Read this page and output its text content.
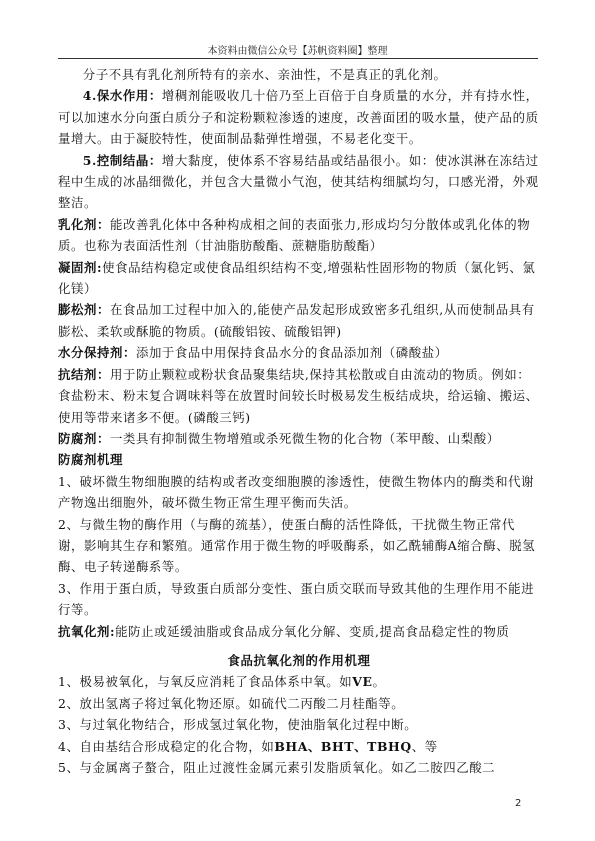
本资料由微信公众号【苏帆资料圈】整理

分子不具有乳化剂所特有的亲水、亲油性，不是真正的乳化剂。

4.保水作用：增稠剂能吸收几十倍乃至上百倍于自身质量的水分，并有持水性，可以加速水分向蛋白质分子和淀粉颗粒渗透的速度，改善面团的吸水量，使产品的质量增大。由于凝胶特性，使面制品黏弹性增强，不易老化变干。

5.控制结晶：增大黏度，使体系不容易结晶或结晶很小。如：使冰淇淋在冻结过程中生成的冰晶细微化，并包含大量微小气泡，使其结构细腻均匀，口感光滑，外观整洁。

乳化剂：能改善乳化体中各种构成相之间的表面张力,形成均匀分散体或乳化体的物质。也称为表面活性剂（甘油脂肪酸酯、蔗糖脂肪酸酯）

凝固剂:使食品结构稳定或使食品组织结构不变,增强粘性固形物的物质（氯化钙、氯化镁）

膨松剂：在食品加工过程中加入的,能使产品发起形成致密多孔组织,从而使制品具有膨松、柔软或酥脆的物质。(硫酸铝铵、硫酸铝钾)

水分保持剂：添加于食品中用保持食品水分的食品添加剂（磷酸盐）

抗结剂：用于防止颗粒或粉状食品聚集结块,保持其松散或自由流动的物质。例如：食盐粉末、粉末复合调味料等在放置时间较长时极易发生板结成块，给运输、搬运、使用等带来诸多不便。(磷酸三钙)

防腐剂：一类具有抑制微生物增殖或杀死微生物的化合物（苯甲酸、山梨酸）

防腐剂机理

1、破坏微生物细胞膜的结构或者改变细胞膜的渗透性，使微生物体内的酶类和代谢产物逸出细胞外，破坏微生物正常生理平衡而失活。

2、与微生物的酶作用（与酶的巯基），使蛋白酶的活性降低，干扰微生物正常代谢，影响其生存和繁殖。通常作用于微生物的呼吸酶系，如乙酰辅酶A缩合酶、脱氢酶、电子转递酶系等。

3、作用于蛋白质，导致蛋白质部分变性、蛋白质交联而导致其他的生理作用不能进行等。

抗氧化剂:能防止或延缓油脂或食品成分氧化分解、变质,提高食品稳定性的物质

食品抗氧化剂的作用机理

1、极易被氧化，与氧反应消耗了食品体系中氧。如VE。

2、放出氢离子将过氧化物还原。如硫代二丙酸二月桂酯等。

3、与过氧化物结合，形成氢过氧化物，使油脂氧化过程中断。

4、自由基结合形成稳定的化合物，如BHA、BHT、TBHQ、等

5、与金属离子螯合，阻止过渡性金属元素引发脂质氧化。如乙二胺四乙酸二

2
